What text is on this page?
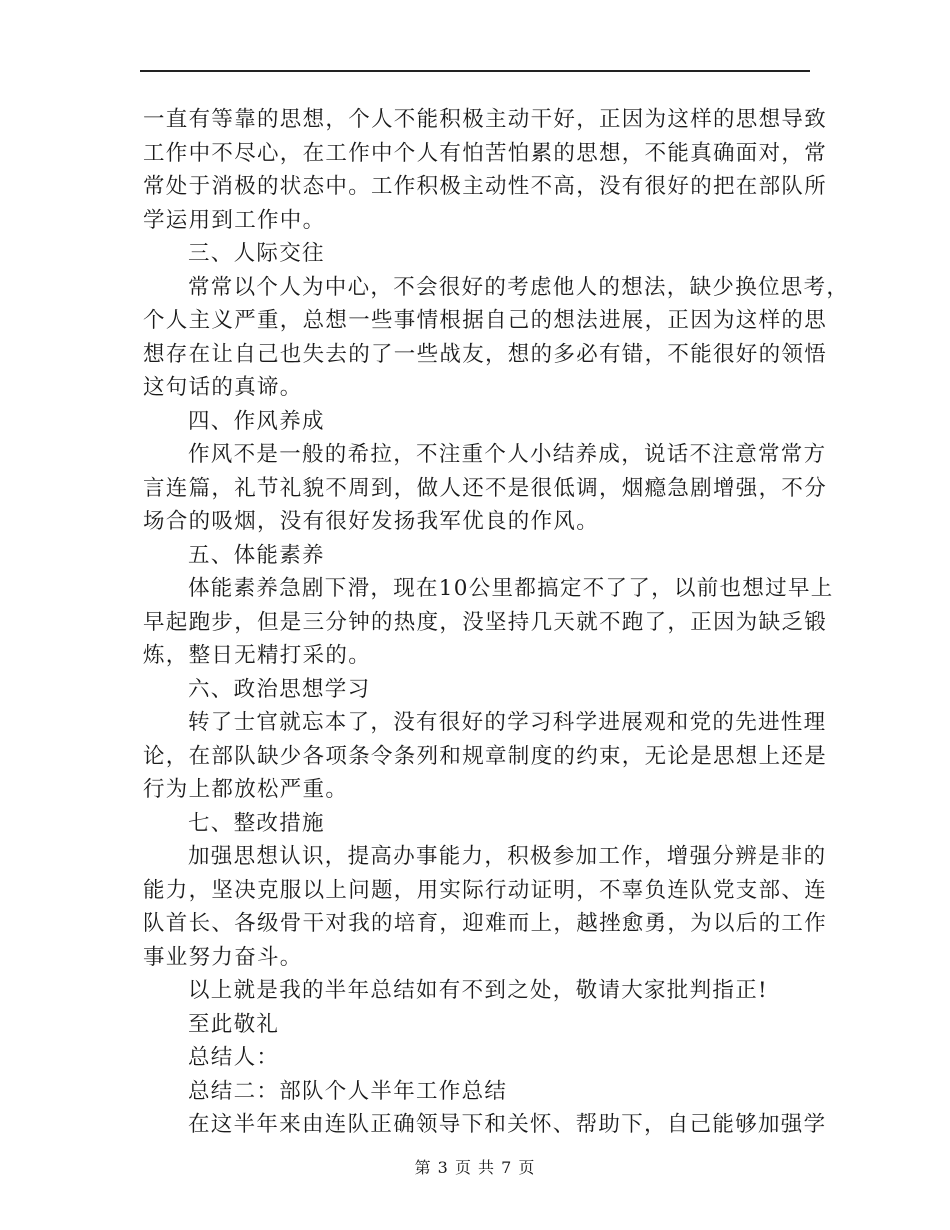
一直有等靠的思想，个人不能积极主动干好，正因为这样的思想导致
工作中不尽心，在工作中个人有怕苦怕累的思想，不能真确面对，常
常处于消极的状态中。工作积极主动性不高，没有很好的把在部队所
学运用到工作中。
三、人际交往
常常以个人为中心，不会很好的考虑他人的想法，缺少换位思考，
个人主义严重，总想一些事情根据自己的想法进展，正因为这样的思
想存在让自己也失去的了一些战友，想的多必有错，不能很好的领悟
这句话的真谛。
四、作风养成
作风不是一般的希拉，不注重个人小结养成，说话不注意常常方
言连篇，礼节礼貌不周到，做人还不是很低调，烟瘾急剧增强，不分
场合的吸烟，没有很好发扬我军优良的作风。
五、体能素养
体能素养急剧下滑，现在10公里都搞定不了了，以前也想过早上
早起跑步，但是三分钟的热度，没坚持几天就不跑了，正因为缺乏锻
炼，整日无精打采的。
六、政治思想学习
转了士官就忘本了，没有很好的学习科学进展观和党的先进性理
论，在部队缺少各项条令条列和规章制度的约束，无论是思想上还是
行为上都放松严重。
七、整改措施
加强思想认识，提高办事能力，积极参加工作，增强分辨是非的
能力，坚决克服以上问题，用实际行动证明，不辜负连队党支部、连
队首长、各级骨干对我的培育，迎难而上，越挫愈勇，为以后的工作
事业努力奋斗。
以上就是我的半年总结如有不到之处，敬请大家批判指正!
至此敬礼
总结人：
总结二：部队个人半年工作总结
在这半年来由连队正确领导下和关怀、帮助下，自己能够加强学
第 3 页 共 7 页
